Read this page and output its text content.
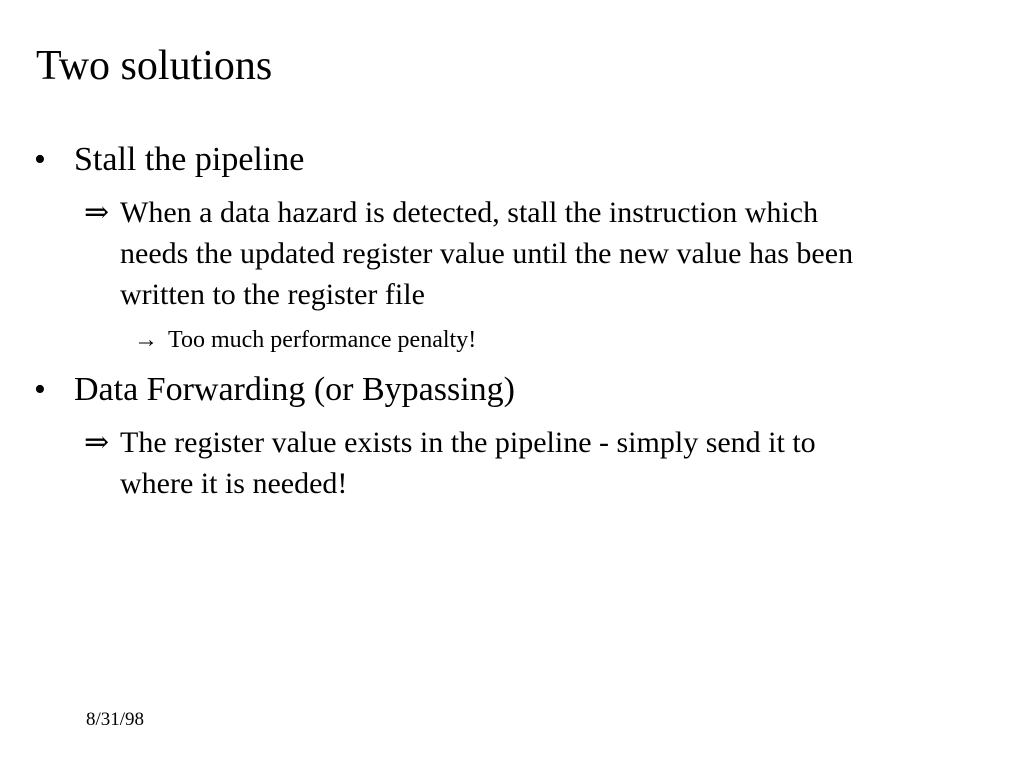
Two solutions
• Stall the pipeline
⇒ When a data hazard is detected, stall the instruction which
needs the updated register value until the new value has been
written to the register file
→ Too much performance penalty!
• Data Forwarding (or Bypassing)
⇒ The register value exists in the pipeline - simply send it to
where it is needed!
8/31/98
